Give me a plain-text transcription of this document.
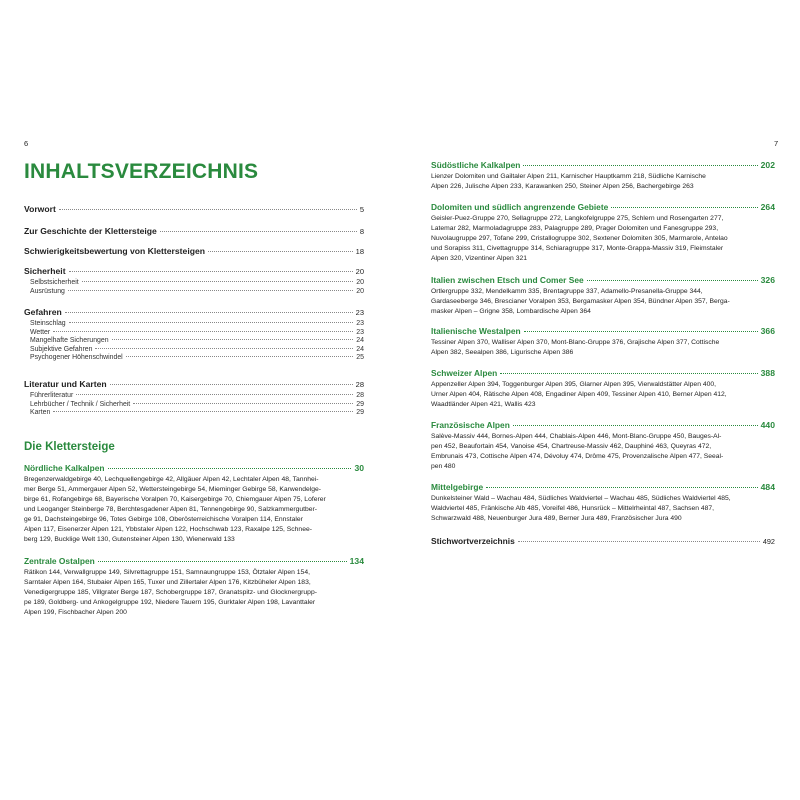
6	7
INHALTSVERZEICHNIS
Vorwort	5
Zur Geschichte der Klettersteige	8
Schwierigkeitsbewertung von Klettersteigen	18
Sicherheit	20
Selbstsicherheit	20
Ausrüstung	20
Gefahren	23
Steinschlag	23
Wetter	23
Mangelhafte Sicherungen	24
Subjektive Gefahren	24
Psychogener Höhenschwindel	25
Literatur und Karten	28
Führerliteratur	28
Lehrbücher / Technik / Sicherheit	29
Karten	29
Die Klettersteige
Nördliche Kalkalpen	30
Bregenzerwaldgebirge 40, Lechquellengebirge 42, Allgäuer Alpen 42, Lechtaler Alpen 48, Tannhei-
mer Berge 51, Ammergauer Alpen 52, Wettersteingebirge 54, Mieminger Gebirge 58, Karwendelge-
birge 61, Rofangebirge 68, Bayerische Voralpen 70, Kaisergebirge 70, Chiemgauer Alpen 75, Loferer
und Leoganger Steinberge 78, Berchtesgadener Alpen 81, Tennengebirge 90, Salzkammergutber-
ge 91, Dachsteingebirge 96, Totes Gebirge 108, Oberösterreichische Voralpen 114, Ennstaler
Alpen 117, Eisenerzer Alpen 121, Ybbstaler Alpen 122, Hochschwab 123, Raxalpe 125, Schnee-
berg 129, Bucklige Welt 130, Gutensteiner Alpen 130, Wienerwald 133
Zentrale Ostalpen	134
Rätikon 144, Verwallgruppe 149, Silvrettagruppe 151, Samnaungruppe 153, Ötztaler Alpen 154,
Sarntaler Alpen 164, Stubaier Alpen 165, Tuxer und Zillertaler Alpen 176, Kitzbüheler Alpen 183,
Venedigergruppe 185, Villgrater Berge 187, Schobergruppe 187, Granatspitz- und Glocknergrupp-
pe 189, Goldberg- und Ankogelgruppe 192, Niedere Tauern 195, Gurktaler Alpen 198, Lavanttaler
Alpen 199, Fischbacher Alpen 200
Südöstliche Kalkalpen	202
Lienzer Dolomiten und Gailtaler Alpen 211, Karnischer Hauptkamm 218, Südliche Karnische
Alpen 226, Julische Alpen 233, Karawanken 250, Steiner Alpen 256, Bachergebirge 263
Dolomiten und südlich angrenzende Gebiete	264
Geisler-Puez-Gruppe 270, Sellagruppe 272, Langkofelgruppe 275, Schlern und Rosengarten 277,
Latemar 282, Marmoladagruppe 283, Palagruppe 289, Prager Dolomiten und Fanesgruppe 293,
Nuvolaugruppe 297, Tofane 299, Cristallogruppe 302, Sextener Dolomiten 305, Marmarole, Antelao
und Sorapiss 311, Civettagruppe 314, Schiaragruppe 317, Monte-Grappa-Massiv 319, Fleimstaler
Alpen 320, Vizentiner Alpen 321
Italien zwischen Etsch und Comer See	326
Ortlergruppe 332, Mendelkamm 335, Brentagruppe 337, Adamello-Presanella-Gruppe 344,
Gardaseeberge 346, Brescianer Voralpen 353, Bergamasker Alpen 354, Bündner Alpen 357, Berga-
masker Alpen – Grigne 358, Lombardische Alpen 364
Italienische Westalpen	366
Tessiner Alpen 370, Walliser Alpen 370, Mont-Blanc-Gruppe 376, Grajische Alpen 377, Cottische
Alpen 382, Seealpen 386, Ligurische Alpen 386
Schweizer Alpen	388
Appenzeller Alpen 394, Toggenburger Alpen 395, Glarner Alpen 395, Vierwaldstätter Alpen 400,
Urner Alpen 404, Rätische Alpen 408, Engadiner Alpen 409, Tessiner Alpen 410, Berner Alpen 412,
Waadtländer Alpen 421, Wallis 423
Französische Alpen	440
Salève-Massiv 444, Bornes-Alpen 444, Chablais-Alpen 446, Mont-Blanc-Gruppe 450, Bauges-Al-
pen 452, Beaufortain 454, Vanoise 454, Chartreuse-Massiv 462, Dauphiné 463, Queyras 472,
Embrunais 473, Cottische Alpen 474, Dévoluy 474, Drôme 475, Provenzalische Alpen 477, Seeal-
pen 480
Mittelgebirge	484
Dunkelsteiner Wald – Wachau 484, Südliches Waldviertel – Wachau 485, Südliches Waldviertel 485,
Waldviertel 485, Fränkische Alb 485, Voreifel 486, Hunsrück – Mittelrheintal 487, Sachsen 487,
Schwarzwald 488, Neuenburger Jura 489, Berner Jura 489, Französischer Jura 490
Stichwortverzeichnis	492
